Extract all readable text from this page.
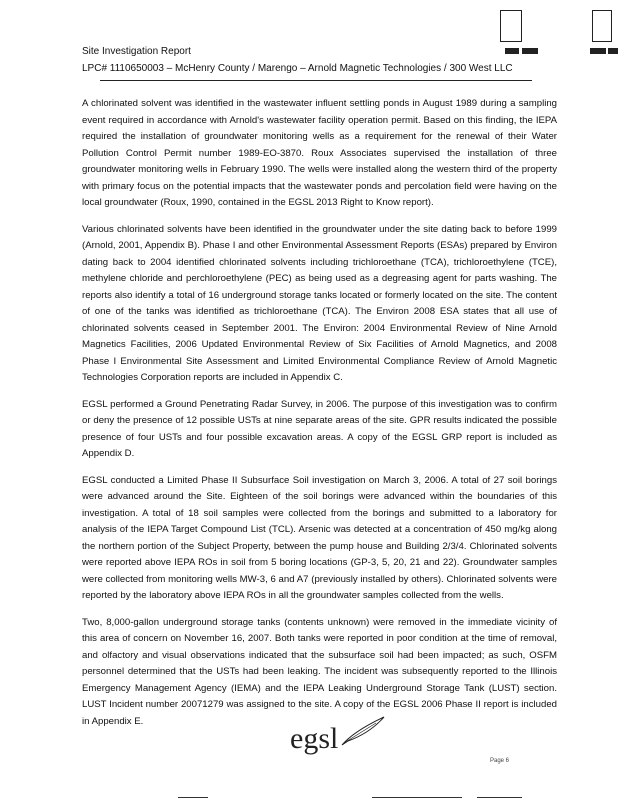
Site Investigation Report
LPC# 1110650003 – McHenry County / Marengo – Arnold Magnetic Technologies / 300 West LLC

A chlorinated solvent was identified in the wastewater influent settling ponds in August 1989 during a sampling event required in accordance with Arnold's wastewater facility operation permit. Based on this finding, the IEPA required the installation of groundwater monitoring wells as a requirement for the renewal of their Water Pollution Control Permit number 1989-EO-3870. Roux Associates supervised the installation of three groundwater monitoring wells in February 1990. The wells were installed along the western third of the property with primary focus on the potential impacts that the wastewater ponds and percolation field were having on the local groundwater (Roux, 1990, contained in the EGSL 2013 Right to Know report).

Various chlorinated solvents have been identified in the groundwater under the site dating back to before 1999 (Arnold, 2001, Appendix B). Phase I and other Environmental Assessment Reports (ESAs) prepared by Environ dating back to 2004 identified chlorinated solvents including trichloroethane (TCA), trichloroethylene (TCE), methylene chloride and perchloroethylene (PEC) as being used as a degreasing agent for parts washing. The reports also identify a total of 16 underground storage tanks located or formerly located on the site. The content of one of the tanks was identified as trichloroethane (TCA). The Environ 2008 ESA states that all use of chlorinated solvents ceased in September 2001. The Environ: 2004 Environmental Review of Nine Arnold Magnetics Facilities, 2006 Updated Environmental Review of Six Facilities of Arnold Magnetics, and 2008 Phase I Environmental Site Assessment and Limited Environmental Compliance Review of Arnold Magnetic Technologies Corporation reports are included in Appendix C.

EGSL performed a Ground Penetrating Radar Survey, in 2006. The purpose of this investigation was to confirm or deny the presence of 12 possible USTs at nine separate areas of the site. GPR results indicated the possible presence of four USTs and four possible excavation areas. A copy of the EGSL GRP report is included as Appendix D.

EGSL conducted a Limited Phase II Subsurface Soil investigation on March 3, 2006. A total of 27 soil borings were advanced around the Site. Eighteen of the soil borings were advanced within the boundaries of this investigation. A total of 18 soil samples were collected from the borings and submitted to a laboratory for analysis of the IEPA Target Compound List (TCL). Arsenic was detected at a concentration of 450 mg/kg along the northern portion of the Subject Property, between the pump house and Building 2/3/4. Chlorinated solvents were reported above IEPA ROs in soil from 5 boring locations (GP-3, 5, 20, 21 and 22). Groundwater samples were collected from monitoring wells MW-3, 6 and A7 (previously installed by others). Chlorinated solvents were reported by the laboratory above IEPA ROs in all the groundwater samples collected from the wells.

Two, 8,000-gallon underground storage tanks (contents unknown) were removed in the immediate vicinity of this area of concern on November 16, 2007. Both tanks were reported in poor condition at the time of removal, and olfactory and visual observations indicated that the subsurface soil had been impacted; as such, OSFM personnel determined that the USTs had been leaking. The incident was subsequently reported to the Illinois Emergency Management Agency (IEMA) and the IEPA Leaking Underground Storage Tank (LUST) section. LUST Incident number 20071279 was assigned to the site. A copy of the EGSL 2006 Phase II report is included in Appendix E.

egsl
Page 6
